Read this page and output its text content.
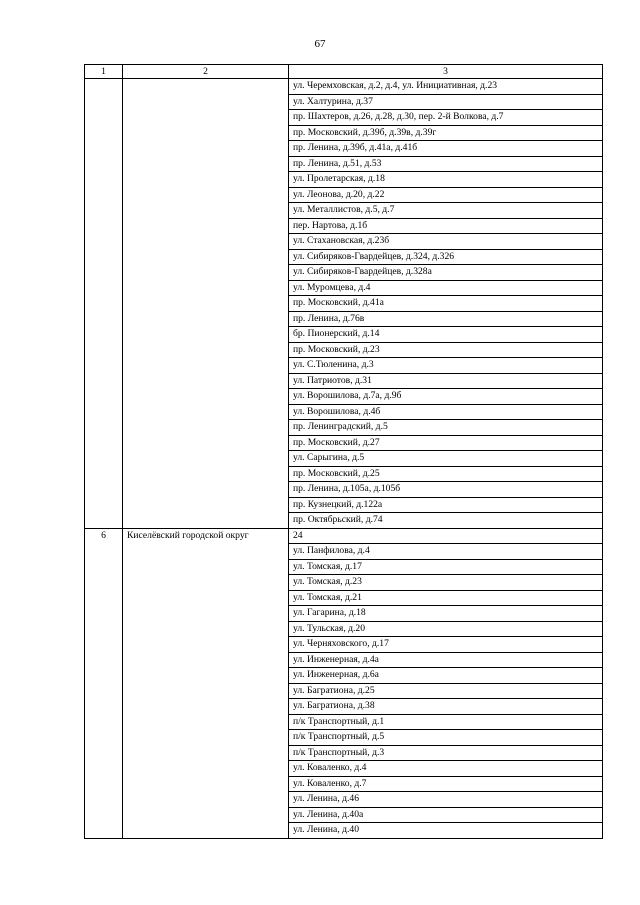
67
1	2	3
		ул. Черемховская, д.2, д.4, ул. Инициативная, д.23
		ул. Халтурина, д.37
		пр. Шахтеров, д.26, д.28, д.30, пер. 2-й Волкова, д.7
		пр. Московский, д.39б, д.39в, д.39г
		пр. Ленина, д.39б, д.41а, д.41б
		пр. Ленина, д.51, д.53
		ул. Пролетарская, д.18
		ул. Леонова, д.20, д.22
		ул. Металлистов, д.5, д.7
		пер. Нартова, д.1б
		ул. Стахановская, д.23б
		ул. Сибиряков-Гвардейцев, д.324, д.326
		ул. Сибиряков-Гвардейцев, д.328а
		ул. Муромцева, д.4
		пр. Московский, д.41а
		пр. Ленина, д.76в
		бр. Пионерский, д.14
		пр. Московский, д.23
		ул. С.Тюленина, д.3
		ул. Патриотов, д.31
		ул. Ворошилова, д.7а, д.9б
		ул. Ворошилова, д.4б
		пр. Ленинградский, д.5
		пр. Московский, д.27
		ул. Сарыгина, д.5
		пр. Московский, д.25
		пр. Ленина, д.105а, д.105б
		пр. Кузнецкий, д.122а
		пр. Октябрьский, д.74
6	Киселёвский городской округ	24
		ул. Панфилова, д.4
		ул. Томская, д.17
		ул. Томская, д.23
		ул. Томская, д.21
		ул. Гагарина, д.18
		ул. Тульская, д.20
		ул. Черняховского, д.17
		ул. Инженерная, д.4а
		ул. Инженерная, д.6а
		ул. Багратиона, д.25
		ул. Багратиона, д.38
		п/к Транспортный, д.1
		п/к Транспортный, д.5
		п/к Транспортный, д.3
		ул. Коваленко, д.4
		ул. Коваленко, д.7
		ул. Ленина, д.46
		ул. Ленина, д.40а
		ул. Ленина, д.40
